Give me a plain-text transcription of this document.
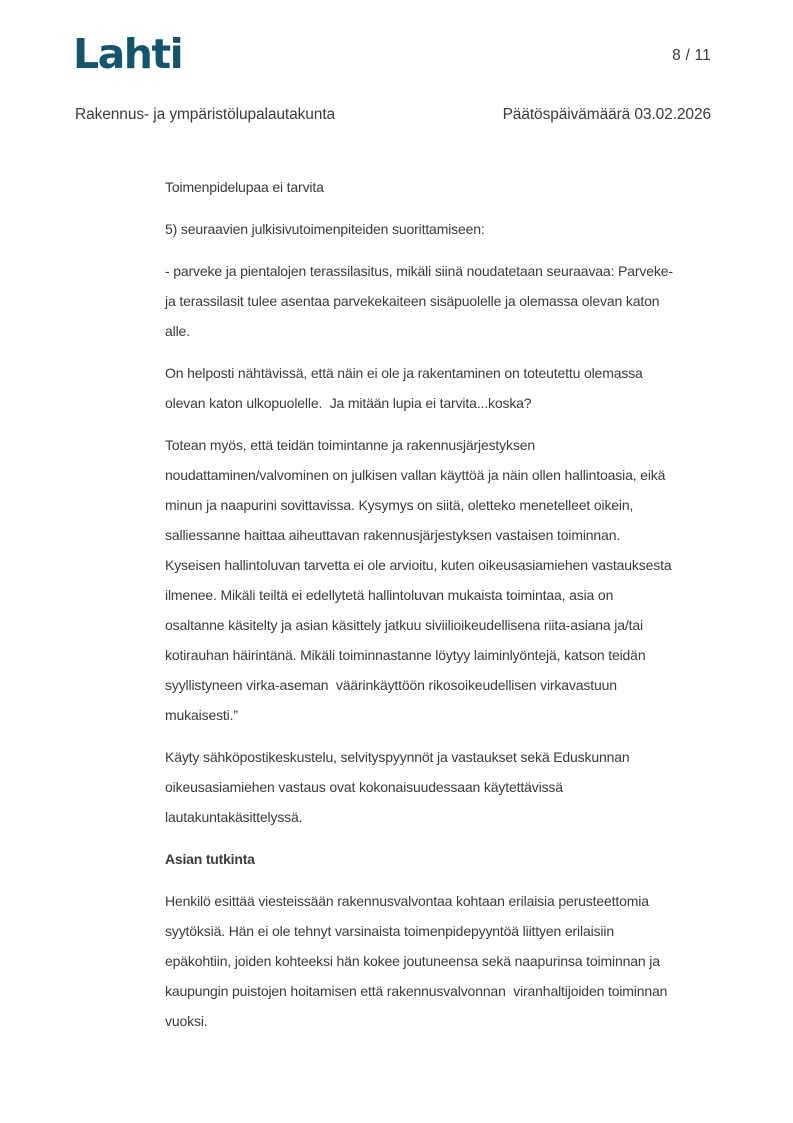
Lahti	8 / 11
Rakennus- ja ympäristölupalautakunta	Päätöspäivämäärä 03.02.2026
Toimenpidelupaa ei tarvita
5) seuraavien julkisivutoimenpiteiden suorittamiseen:
- parveke ja pientalojen terassilasitus, mikäli siinä noudatetaan seuraavaa: Parveke-
ja terassilasit tulee asentaa parvekekaiteen sisäpuolelle ja olemassa olevan katon
alle.
On helposti nähtävissä, että näin ei ole ja rakentaminen on toteutettu olemassa
olevan katon ulkopuolelle.  Ja mitään lupia ei tarvita...koska?
Totean myös, että teidän toimintanne ja rakennusjärjestyksen
noudattaminen/valvominen on julkisen vallan käyttöä ja näin ollen hallintoasia, eikä
minun ja naapurini sovittavissa. Kysymys on siitä, oletteko menetelleet oikein,
salliessanne haittaa aiheuttavan rakennusjärjestyksen vastaisen toiminnan.
Kyseisen hallintoluvan tarvetta ei ole arvioitu, kuten oikeusasiamiehen vastauksesta
ilmenee. Mikäli teiltä ei edellytetä hallintoluvan mukaista toimintaa, asia on
osaltanne käsitelty ja asian käsittely jatkuu siviilioikeudellisena riita-asiana ja/tai
kotirauhan häirintänä. Mikäli toiminnastanne löytyy laiminlyöntejä, katson teidän
syyllistyneen virka-aseman  väärinkäyttöön rikosoikeudellisen virkavastuun
mukaisesti.”
Käyty sähköpostikeskustelu, selvityspyynnöt ja vastaukset sekä Eduskunnan
oikeusasiamiehen vastaus ovat kokonaisuudessaan käytettävissä
lautakuntakäsittelyssä.
Asian tutkinta
Henkilö esittää viesteissään rakennusvalvontaa kohtaan erilaisia perusteettomia
syytöksiä. Hän ei ole tehnyt varsinaista toimenpidepyyntöä liittyen erilaisiin
epäkohtiin, joiden kohteeksi hän kokee joutuneensa sekä naapurinsa toiminnan ja
kaupungin puistojen hoitamisen että rakennusvalvonnan  viranhaltijoiden toiminnan
vuoksi.
